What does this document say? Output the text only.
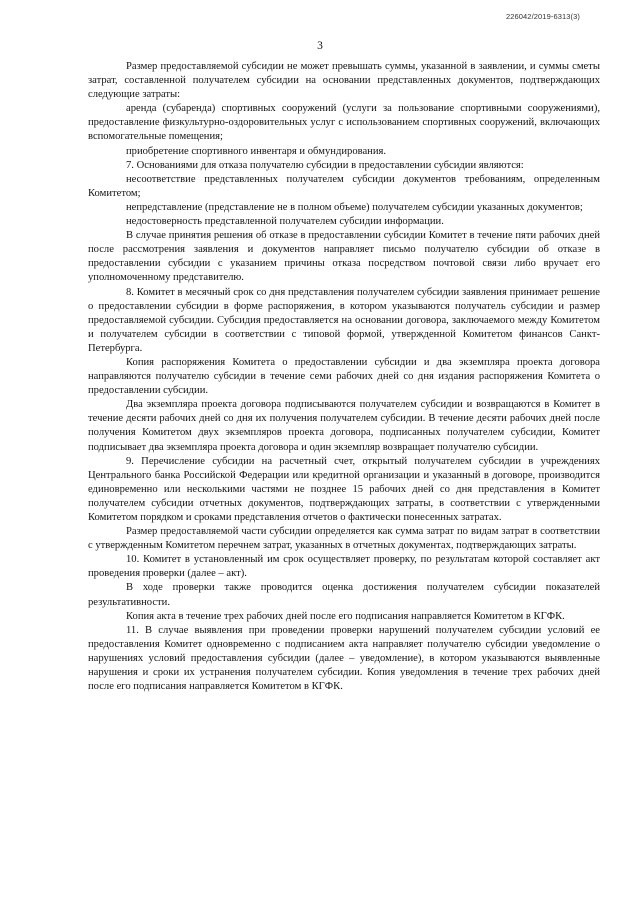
226042/2019-6313(3)
3

Размер предоставляемой субсидии не может превышать суммы, указанной в заявлении, и суммы сметы затрат, составленной получателем субсидии на основании представленных документов, подтверждающих следующие затраты:

аренда (субаренда) спортивных сооружений (услуги за пользование спортивными сооружениями), предоставление физкультурно-оздоровительных услуг с использованием спортивных сооружений, включающих вспомогательные помещения;

приобретение спортивного инвентаря и обмундирования.

7. Основаниями для отказа получателю субсидии в предоставлении субсидии являются:

несоответствие представленных получателем субсидии документов требованиям, определенным Комитетом;

непредставление (представление не в полном объеме) получателем субсидии указанных документов;

недостоверность представленной получателем субсидии информации.

В случае принятия решения об отказе в предоставлении субсидии Комитет в течение пяти рабочих дней после рассмотрения заявления и документов направляет письмо получателю субсидии об отказе в предоставлении субсидии с указанием причины отказа посредством почтовой связи либо вручает его уполномоченному представителю.

8. Комитет в месячный срок со дня представления получателем субсидии заявления принимает решение о предоставлении субсидии в форме распоряжения, в котором указываются получатель субсидии и размер предоставляемой субсидии. Субсидия предоставляется на основании договора, заключаемого между Комитетом и получателем субсидии в соответствии с типовой формой, утвержденной Комитетом финансов Санкт-Петербурга.

Копия распоряжения Комитета о предоставлении субсидии и два экземпляра проекта договора направляются получателю субсидии в течение семи рабочих дней со дня издания распоряжения Комитета о предоставлении субсидии.

Два экземпляра проекта договора подписываются получателем субсидии и возвращаются в Комитет в течение десяти рабочих дней со дня их получения получателем субсидии. В течение десяти рабочих дней после получения Комитетом двух экземпляров проекта договора, подписанных получателем субсидии, Комитет подписывает два экземпляра проекта договора и один экземпляр возвращает получателю субсидии.

9. Перечисление субсидии на расчетный счет, открытый получателем субсидии в учреждениях Центрального банка Российской Федерации или кредитной организации и указанный в договоре, производится единовременно или несколькими частями не позднее 15 рабочих дней со дня представления в Комитет получателем субсидии отчетных документов, подтверждающих затраты, в соответствии с утвержденными Комитетом порядком и сроками представления отчетов о фактически понесенных затратах.

Размер предоставляемой части субсидии определяется как сумма затрат по видам затрат в соответствии с утвержденным Комитетом перечнем затрат, указанных в отчетных документах, подтверждающих затраты.

10. Комитет в установленный им срок осуществляет проверку, по результатам которой составляет акт проведения проверки (далее – акт).

В ходе проверки также проводится оценка достижения получателем субсидии показателей результативности.

Копия акта в течение трех рабочих дней после его подписания направляется Комитетом в КГФК.

11. В случае выявления при проведении проверки нарушений получателем субсидии условий ее предоставления Комитет одновременно с подписанием акта направляет получателю субсидии уведомление о нарушениях условий предоставления субсидии (далее – уведомление), в котором указываются выявленные нарушения и сроки их устранения получателем субсидии. Копия уведомления в течение трех рабочих дней после его подписания направляется Комитетом в КГФК.
